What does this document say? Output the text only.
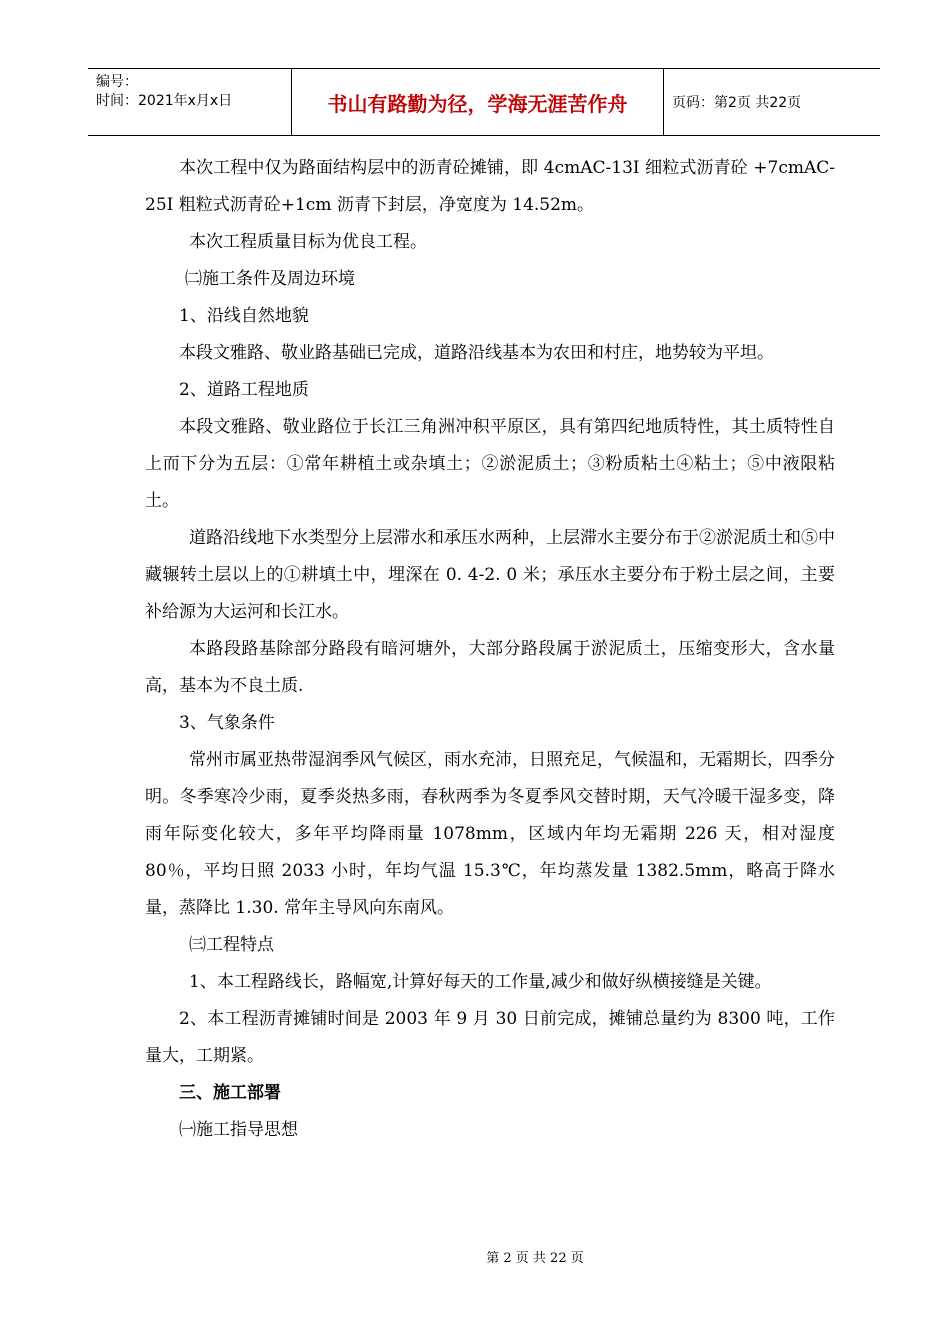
编号：
时间：2021年x月x日	书山有路勤为径，学海无涯苦作舟	页码：第2页 共22页

本次工程中仅为路面结构层中的沥青砼摊铺，即 4cmAC-13I 细粒式沥青砼 +7cmAC-25I 粗粒式沥青砼+1cm 沥青下封层，净宽度为 14.52m。

本次工程质量目标为优良工程。

㈡施工条件及周边环境

1、沿线自然地貌

本段文雅路、敬业路基础已完成，道路沿线基本为农田和村庄，地势较为平坦。

2、道路工程地质

本段文雅路、敬业路位于长江三角洲冲积平原区，具有第四纪地质特性，其土质特性自上而下分为五层：①常年耕植土或杂填土；②淤泥质土；③粉质粘土④粘土；⑤中液限粘土。

道路沿线地下水类型分上层滞水和承压水两种，上层滞水主要分布于②淤泥质土和⑤中藏辗转土层以上的①耕填土中，埋深在 0. 4-2. 0 米；承压水主要分布于粉土层之间，主要补给源为大运河和长江水。

本路段路基除部分路段有暗河塘外，大部分路段属于淤泥质土，压缩变形大，含水量高，基本为不良土质.

3、气象条件

常州市属亚热带湿润季风气候区，雨水充沛，日照充足，气候温和，无霜期长，四季分明。冬季寒冷少雨，夏季炎热多雨，春秋两季为冬夏季风交替时期，天气冷暖干湿多变，降雨年际变化较大，多年平均降雨量 1078mm，区域内年均无霜期 226 天，相对湿度 80％，平均日照 2033 小时，年均气温 15.3℃，年均蒸发量 1382.5mm，略高于降水量，蒸降比 1.30. 常年主导风向东南风。

㈢工程特点

1、本工程路线长，路幅宽,计算好每天的工作量,减少和做好纵横接缝是关键。

2、本工程沥青摊铺时间是 2003 年 9 月 30 日前完成，摊铺总量约为 8300 吨，工作量大，工期紧。

三、施工部署

㈠施工指导思想

第 2 页 共 22 页
